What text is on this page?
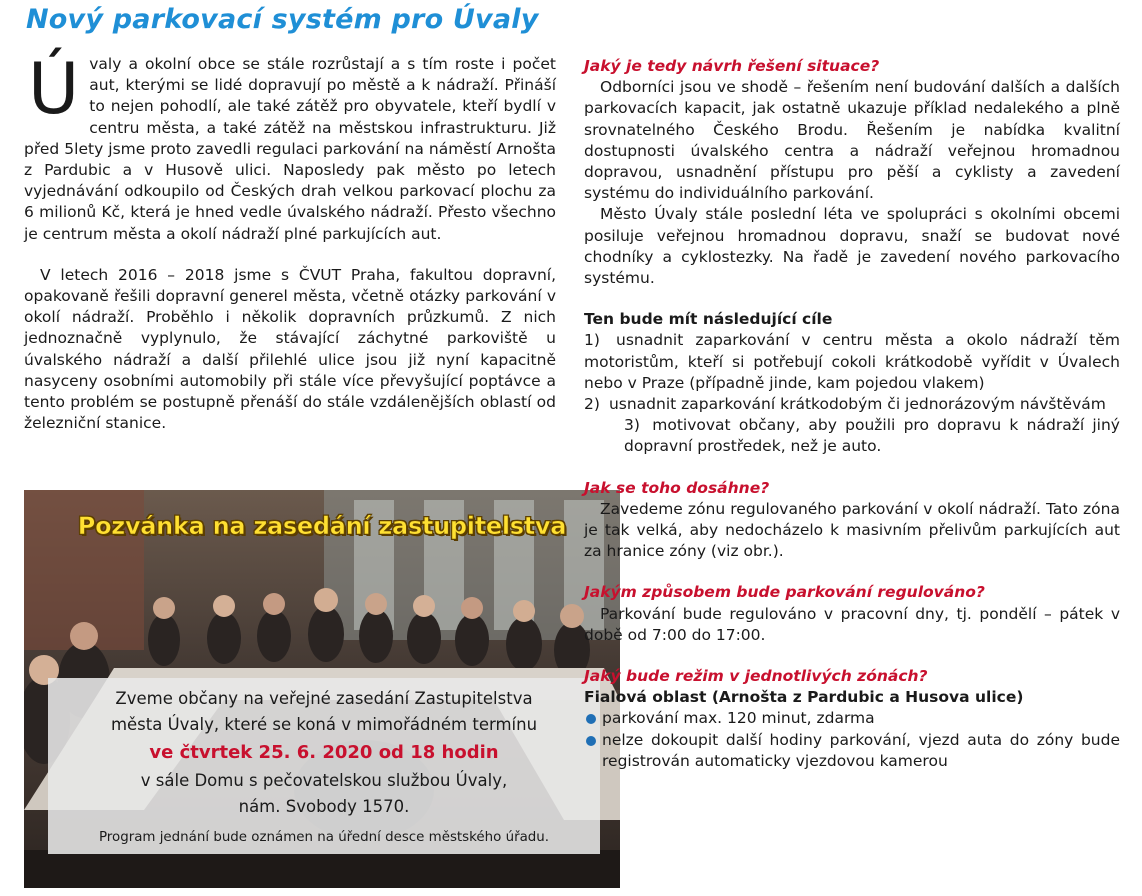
Nový parkovací systém pro Úvaly

Úvaly a okolní obce se stále rozrůstají a s tím roste i počet aut, kterými se lidé dopravují po městě a k nádraží. Přináší to nejen pohodlí, ale také zátěž pro obyvatele, kteří bydlí v centru města, a také zátěž na městskou infrastrukturu. Již před 5lety jsme proto zavedli regulaci parkování na náměstí Arnošta z Pardubic a v Husově ulici. Naposledy pak město po letech vyjednávání odkoupilo od Českých drah velkou parkovací plochu za 6 milionů Kč, která je hned vedle úvalského nádraží. Přesto všechno je centrum města a okolí nádraží plné parkujících aut.

V letech 2016 – 2018 jsme s ČVUT Praha, fakultou dopravní, opakovaně řešili dopravní generel města, včetně otázky parkování v okolí nádraží. Proběhlo i několik dopravních průzkumů. Z nich jednoznačně vyplynulo, že stávající záchytné parkoviště u úvalského nádraží a další přilehlé ulice jsou již nyní kapacitně nasyceny osobními automobily při stále více převyšující poptávce a tento problém se postupně přenáší do stále vzdálenějších oblastí od železniční stanice.

Pozvánka na zasedání zastupitelstva
Zveme občany na veřejné zasedání Zastupitelstva
města Úvaly, které se koná v mimořádném termínu
ve čtvrtek 25. 6. 2020 od 18 hodin
v sále Domu s pečovatelskou službou Úvaly,
nám. Svobody 1570.
Program jednání bude oznámen na úřední desce městského úřadu.
Jaký je tedy návrh řešení situace?

Odborníci jsou ve shodě – řešením není budování dalších a dalších parkovacích kapacit, jak ostatně ukazuje příklad nedalekého a plně srovnatelného Českého Brodu. Řešením je nabídka kvalitní dostupnosti úvalského centra a nádraží veřejnou hromadnou dopravou, usnadnění přístupu pro pěší a cyklisty a zavedení systému do individuálního parkování.

Město Úvaly stále poslední léta ve spolupráci s okolními obcemi posiluje veřejnou hromadnou dopravu, snaží se budovat nové chodníky a cyklostezky. Na řadě je zavedení nového parkovacího systému.

Ten bude mít následující cíle
1) usnadnit zaparkování v centru města a okolo nádraží těm motoristům, kteří si potřebují cokoli krátkodobě vyřídit v Úvalech nebo v Praze (případně jinde, kam pojedou vlakem)
2) usnadnit zaparkování krátkodobým či jednorázovým návštěvám
3) motivovat občany, aby použili pro dopravu k nádraží jiný dopravní prostředek, než je auto.
Jak se toho dosáhne?

Zavedeme zónu regulovaného parkování v okolí nádraží. Tato zóna je tak velká, aby nedocházelo k masivním přelivům parkujících aut za hranice zóny (viz obr.).

Jakým způsobem bude parkování regulováno?

Parkování bude regulováno v pracovní dny, tj. pondělí – pátek v době od 7:00 do 17:00.

Jaký bude režim v jednotlivých zónách?
Fialová oblast (Arnošta z Pardubic a Husova ulice)
parkování max. 120 minut, zdarma
nelze dokoupit další hodiny parkování, vjezd auta do zóny bude registrován automaticky vjezdovou kamerou
